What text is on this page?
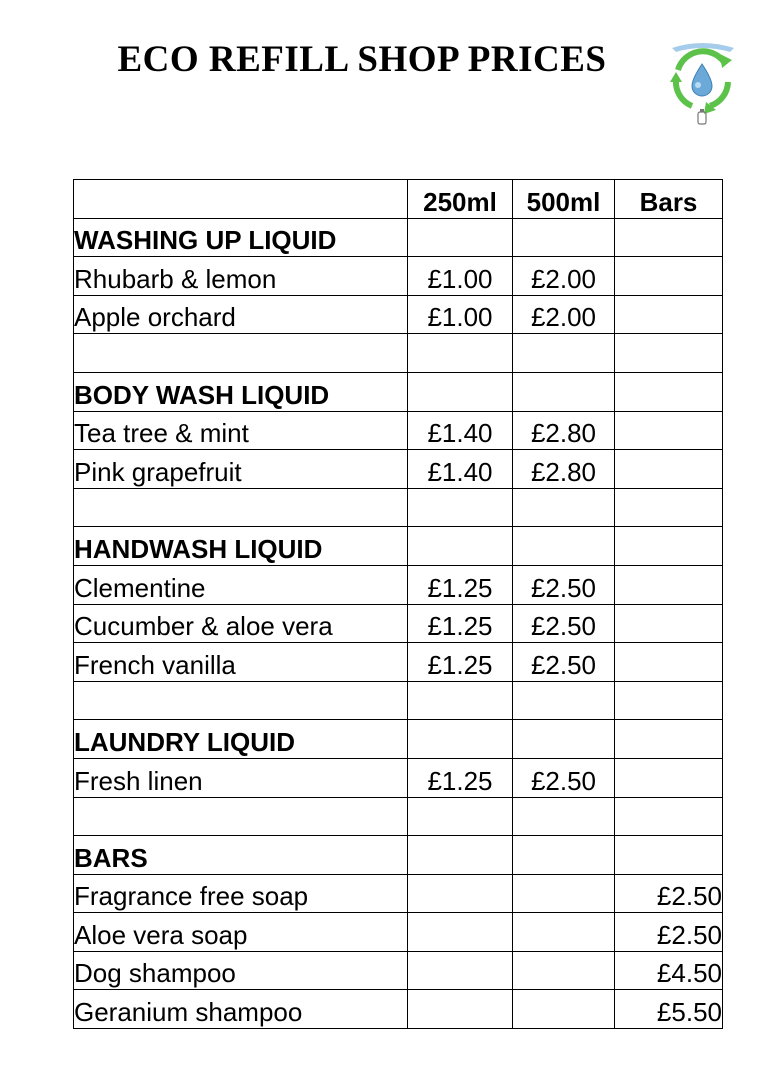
ECO REFILL SHOP PRICES
	250ml	500ml	Bars
WASHING UP LIQUID			
Rhubarb & lemon	£1.00	£2.00	
Apple orchard	£1.00	£2.00	

BODY WASH LIQUID			
Tea tree & mint	£1.40	£2.80	
Pink grapefruit	£1.40	£2.80	

HANDWASH LIQUID			
Clementine	£1.25	£2.50	
Cucumber & aloe vera	£1.25	£2.50	
French vanilla	£1.25	£2.50	

LAUNDRY LIQUID			
Fresh linen	£1.25	£2.50	

BARS			
Fragrance free soap			£2.50
Aloe vera soap			£2.50
Dog shampoo			£4.50
Geranium shampoo			£5.50
